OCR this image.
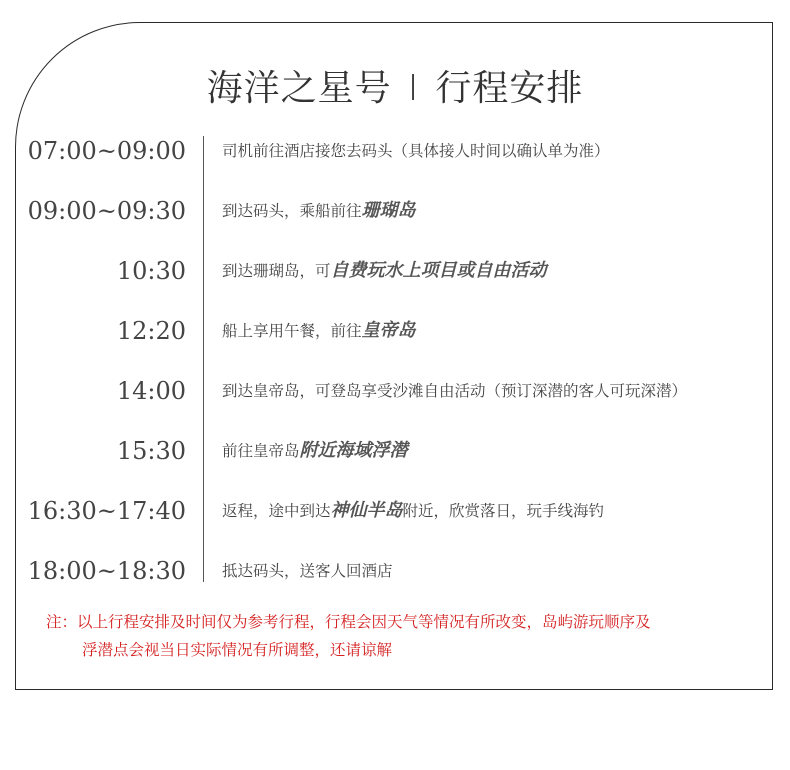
海洋之星号 I 行程安排
07:00~09:00 司机前往酒店接您去码头（具体接人时间以确认单为准）
09:00~09:30 到达码头，乘船前往珊瑚岛
10:30 到达珊瑚岛，可自费玩水上项目或自由活动
12:20 船上享用午餐，前往皇帝岛
14:00 到达皇帝岛，可登岛享受沙滩自由活动（预订深潜的客人可玩深潜）
15:30 前往皇帝岛附近海域浮潜
16:30~17:40 返程，途中到达神仙半岛附近，欣赏落日，玩手线海钓
18:00~18:30 抵达码头，送客人回酒店
注：以上行程安排及时间仅为参考行程，行程会因天气等情况有所改变，岛屿游玩顺序及
浮潜点会视当日实际情况有所调整，还请谅解
